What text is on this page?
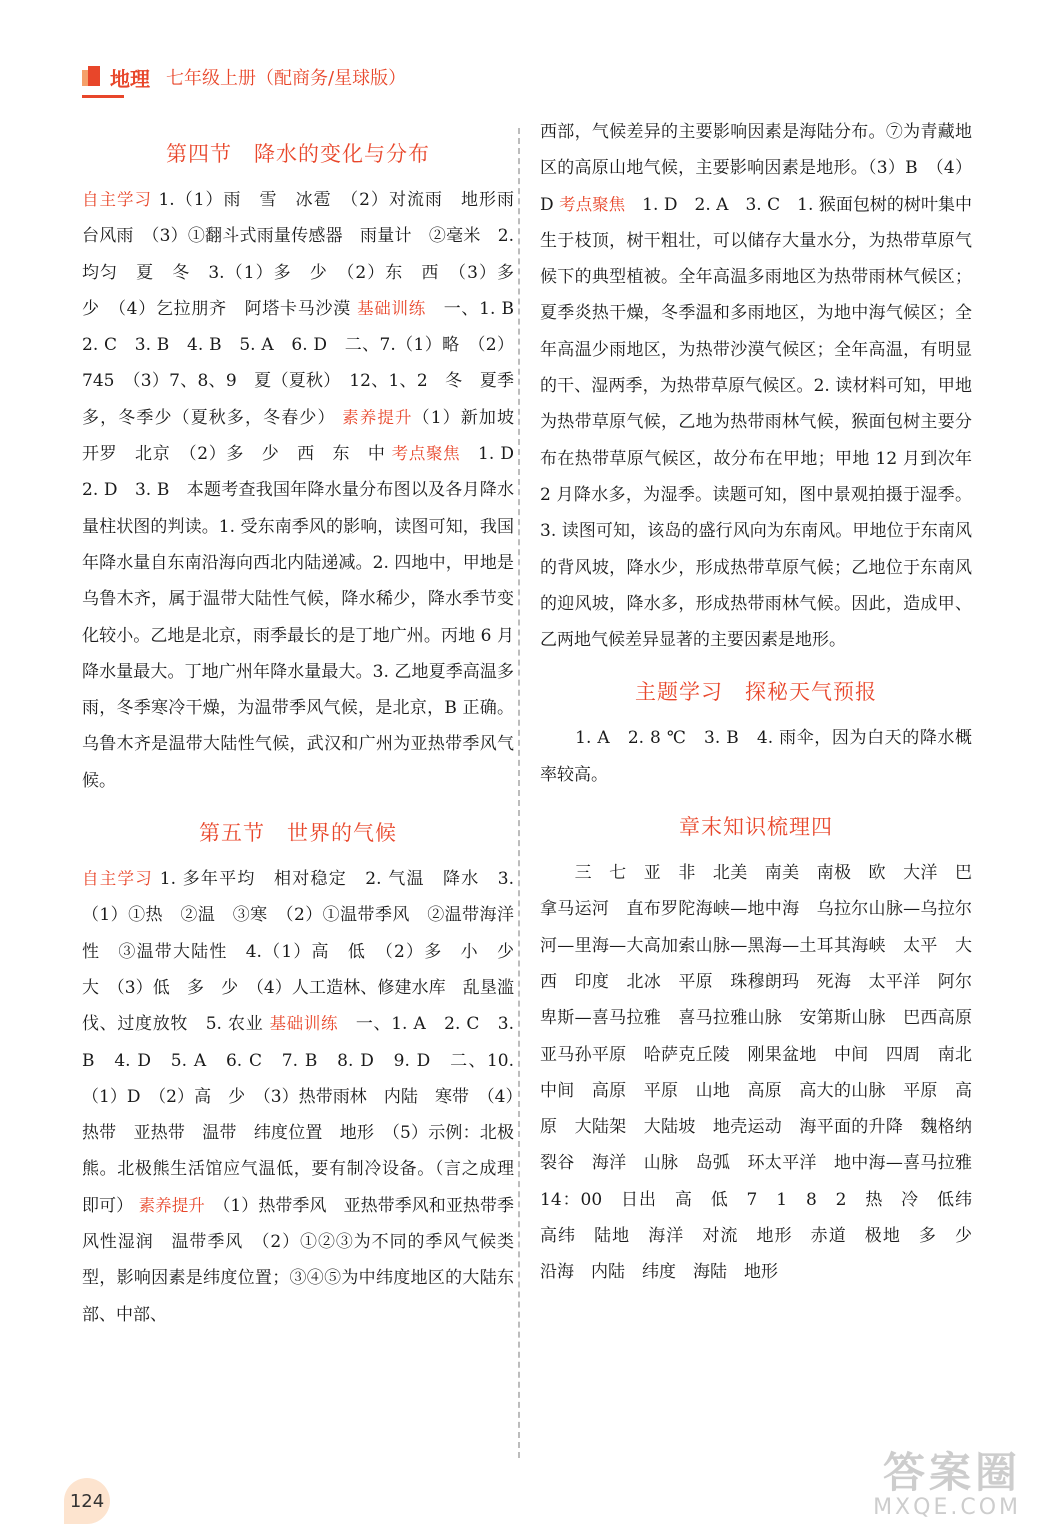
地理 七年级上册（配商务/星球版）
第四节　降水的变化与分布
自主学习 1.（1）雨　雪　冰雹　（2）对流雨　地形雨　台风雨　（3）①翻斗式雨量传感器　雨量计　②毫米　2. 均匀　夏　冬　3.（1）多　少　（2）东　西　（3）多　少　（4）乞拉朋齐　阿塔卡马沙漠 基础训练　一、1. B　2. C　3. B　4. B　5. A　6. D　二、7.（1）略　（2）745　（3）7、8、9　夏（夏秋）　12、1、2　冬　夏季多，冬季少（夏秋多，冬春少） 素养提升（1）新加坡　开罗　北京　（2）多　少　西　东　中 考点聚焦　1. D　2. D　3. B　本题考查我国年降水量分布图以及各月降水量柱状图的判读。1. 受东南季风的影响，读图可知，我国年降水量自东南沿海向西北内陆递减。2. 四地中，甲地是乌鲁木齐，属于温带大陆性气候，降水稀少，降水季节变化较小。乙地是北京，雨季最长的是丁地广州。丙地 6 月降水量最大。丁地广州年降水量最大。3. 乙地夏季高温多雨，冬季寒冷干燥，为温带季风气候，是北京，B 正确。乌鲁木齐是温带大陆性气候，武汉和广州为亚热带季风气候。
第五节　世界的气候
自主学习 1. 多年平均　相对稳定　2. 气温　降水　3.（1）①热　②温　③寒　（2）①温带季风　②温带海洋性　③温带大陆性　4.（1）高　低　（2）多　小　少　大　（3）低　多　少　（4）人工造林、修建水库　乱垦滥伐、过度放牧　5. 农业 基础训练　一、1. A　2. C　3. B　4. D　5. A　6. C　7. B　8. D　9. D　二、10.（1）D　（2）高　少　（3）热带雨林　内陆　寒带　（4）热带　亚热带　温带　纬度位置　地形　（5）示例：北极熊。北极熊生活馆应气温低，要有制冷设备。（言之成理即可） 素养提升　（1）热带季风　亚热带季风和亚热带季风性湿润　温带季风　（2）①②③为不同的季风气候类型，影响因素是纬度位置；③④⑤为中纬度地区的大陆东部、中部、
西部，气候差异的主要影响因素是海陆分布。⑦为青藏地区的高原山地气候，主要影响因素是地形。（3）B　（4）D 考点聚焦　1. D　2. A　3. C　1. 猴面包树的树叶集中生于枝顶，树干粗壮，可以储存大量水分，为热带草原气候下的典型植被。全年高温多雨地区为热带雨林气候区；夏季炎热干燥，冬季温和多雨地区，为地中海气候区；全年高温少雨地区，为热带沙漠气候区；全年高温，有明显的干、湿两季，为热带草原气候区。2. 读材料可知，甲地为热带草原气候，乙地为热带雨林气候，猴面包树主要分布在热带草原气候区，故分布在甲地；甲地 12 月到次年 2 月降水多，为湿季。读题可知，图中景观拍摄于湿季。3. 读图可知，该岛的盛行风向为东南风。甲地位于东南风的背风坡，降水少，形成热带草原气候；乙地位于东南风的迎风坡，降水多，形成热带雨林气候。因此，造成甲、乙两地气候差异显著的主要因素是地形。
主题学习　探秘天气预报
　　1. A　2. 8 ℃　3. B　4. 雨伞，因为白天的降水概率较高。
章末知识梳理四
　　三　七　亚　非　北美　南美　南极　欧　大洋　巴拿马运河　直布罗陀海峡—地中海　乌拉尔山脉—乌拉尔河—里海—大高加索山脉—黑海—土耳其海峡　太平　大西　印度　北冰　平原　珠穆朗玛　死海　太平洋　阿尔卑斯—喜马拉雅　喜马拉雅山脉　安第斯山脉　巴西高原　亚马孙平原　哈萨克丘陵　刚果盆地　中间　四周　南北　中间　高原　平原　山地　高原　高大的山脉　平原　高原　大陆架　大陆坡　地壳运动　海平面的升降　魏格纳　裂谷　海洋　山脉　岛弧　环太平洋　地中海—喜马拉雅　14：00　日出　高　低　7　1　8　2　热　冷　低纬　高纬　陆地　海洋　对流　地形　赤道　极地　多　少　沿海　内陆　纬度　海陆　地形
124
答案圈
MXQE.COM
